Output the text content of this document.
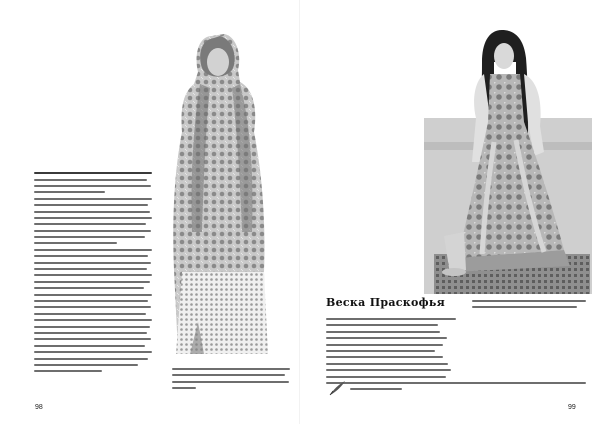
98
Веска Праскофья
99
